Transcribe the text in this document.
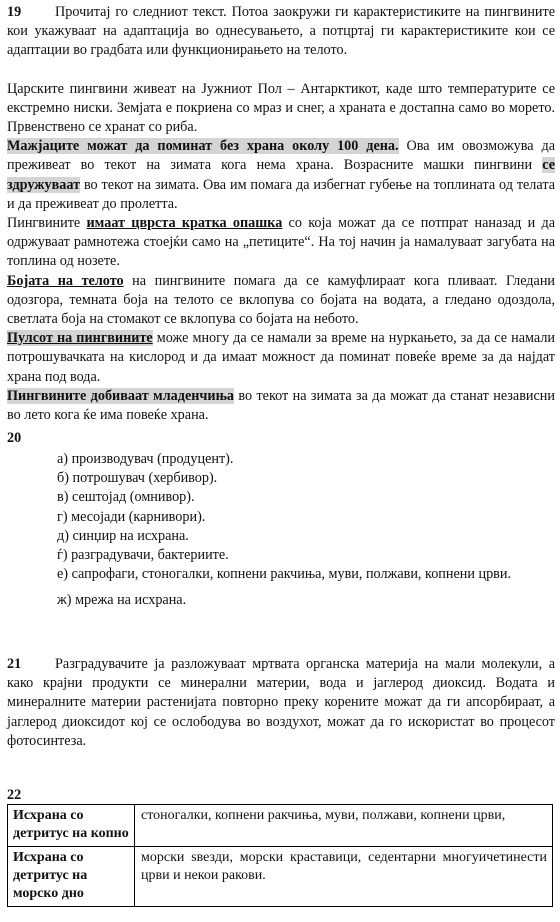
19 Прочитај го следниот текст. Потоа заокружи ги карактеристиките на пингвините кои укажуваат на адаптација во однесувањето, а потцртај ги карактеристиките кои се адаптации во градбата или функционирањето на телото.

Царските пингвини живеат на Јужниот Пол – Антарктикот, каде што температурите се екстремно ниски. Земјата е покриена со мраз и снег, а храната е достапна само во морето. Првенствено се хранат со риба.

Мажјаците можат да поминат без храна околу 100 дена. Ова им овозможува да преживеат во текот на зимата кога нема храна. Возрасните машки пингвини се здружуваат во текот на зимата. Ова им помага да избегнат губење на топлината од телата и да преживеат до пролетта.

Пингвините имаат цврста кратка опашка со која можат да се потпрат наназад и да одржуваат рамнотежа стоејќи само на „петиците“. На тој начин ја намалуваат загубата на топлина од нозете.

Бојата на телото на пингвините помага да се камуфлираат кога пливаат. Гледани одозгора, темната боја на телото се вклопува со бојата на водата, а гледано одоздола, светлата боја на стомакот се вклопува со бојата на небото.

Пулсот на пингвините може многу да се намали за време на нуркањето, за да се намали потрошувачката на кислород и да имаат можност да поминат повеќе време за да најдат храна под вода.

Пингвините добиваат младенчиња во текот на зимата за да можат да станат независни во лето кога ќе има повеќе храна.

20
а) производувач (продуцент).
б) потрошувач (хербивор).
в) сештојад (омнивор).
г) месојади (карнивори).
д) синџир на исхрана.
ѓ) разградувачи, бактериите.
е) сапрофаги, стоногалки, копнени ракчиња, муви, полжави, копнени црви.
ж) мрежа на исхрана.

21 Разградувачите ја разложуваат мртвата органска материја на мали молекули, а како крајни продукти се минерални материи, вода и јаглерод диоксид. Водата и минералните материи растенијата повторно преку корените можат да ги апсорбираат, а јаглерод диоксидот кој се ослободува во воздухот, можат да го искористат во процесот фотосинтеза.

22
Исхрана со детритус на копно	стоногалки, копнени ракчиња, муви, полжави, копнени црви,
Исхрана со детритус на морско дно	морски ѕвезди, морски краставици, седентарни многуичетинести црви и некои ракови.
